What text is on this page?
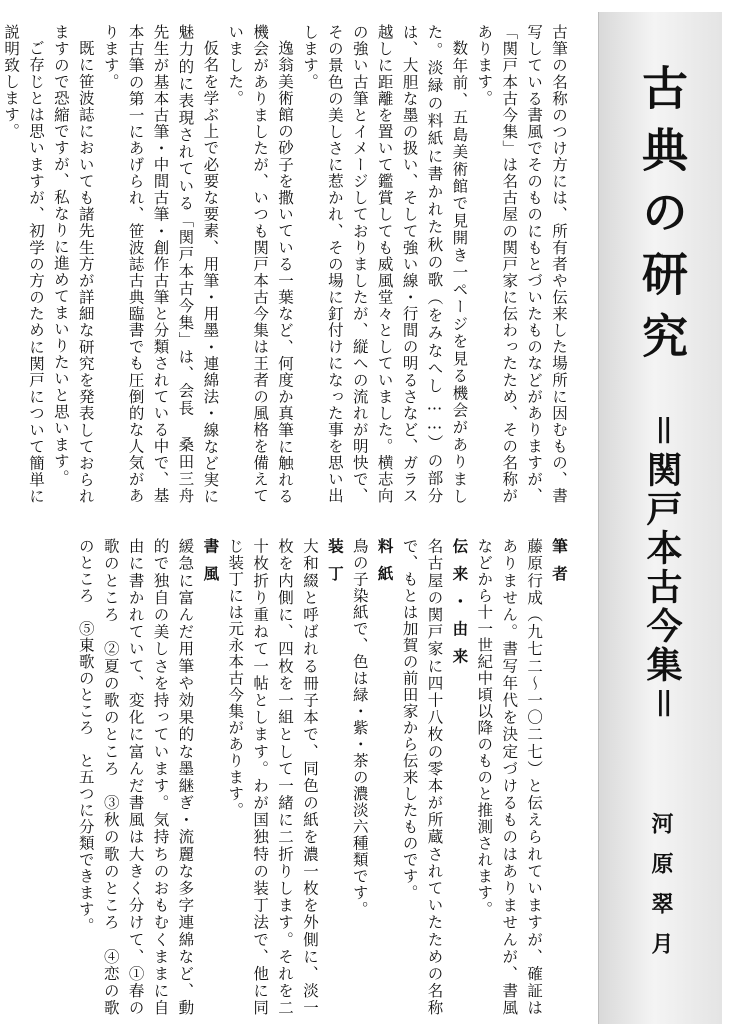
古典の研究
＝関戸本古今集＝
河原翠月
古筆の名称のつけ方には、所有者や伝来した場所に因むもの、書写している書風でそのものにもとづいたものなどがありますが、「関戸本古今集」は名古屋の関戸家に伝わったため、その名称があります。
数年前、五島美術館で見開き一ページを見る機会がありました。淡緑の料紙に書かれた秋の歌（をみなへし……）の部分は、大胆な墨の扱い、そして強い線・行間の明るさなど、ガラス越しに距離を置いて鑑賞しても威風堂々としていました。横志向の強い古筆とイメージしておりましたが、縦への流れが明快で、その景色の美しさに惹かれ、その場に釘付けになった事を思い出します。
逸翁美術館の砂子を撒いている一葉など、何度か真筆に触れる機会がありましたが、いつも関戸本古今集は王者の風格を備えていました。
仮名を学ぶ上で必要な要素、用筆・用墨・連綿法・線など実に魅力的に表現されている「関戸本古今集」は、会長 桑田三舟先生が基本古筆・中間古筆・創作古筆と分類されている中で、基本古筆の第一にあげられ、笹波誌古典臨書でも圧倒的な人気があります。
既に笹波誌においても諸先生方が詳細な研究を発表しておられますので恐縮ですが、私なりに進めてまいりたいと思います。
ご存じとは思いますが、初学の方のために関戸について簡単に説明致します。
筆者
藤原行成（九七二〜一〇二七）と伝えられていますが、確証はありません。書写年代を決定づけるものはありませんが、書風などから十一世紀中頃以降のものと推測されます。
伝来・由来
名古屋の関戸家に四十八枚の零本が所蔵されていたための名称で、もとは加賀の前田家から伝来したものです。
料紙
鳥の子染紙で、色は緑・紫・茶の濃淡六種類です。
装丁
大和綴と呼ばれる冊子本で、同色の紙を濃一枚を外側に、淡一枚を内側に、四枚を一組として一緒に二折りします。それを二十枚折り重ねて一帖とします。わが国独特の装丁法で、他に同じ装丁には元永本古今集があります。
書風
緩急に富んだ用筆や効果的な墨継ぎ・流麗な多字連綿など、動的で独自の美しさを持っています。気持ちのおもむくままに自由に書かれていて、変化に富んだ書風は大きく分けて、①春の歌のところ　②夏の歌のところ　③秋の歌のところ　④恋の歌のところ　⑤東歌のところ　と五つに分類できます。
